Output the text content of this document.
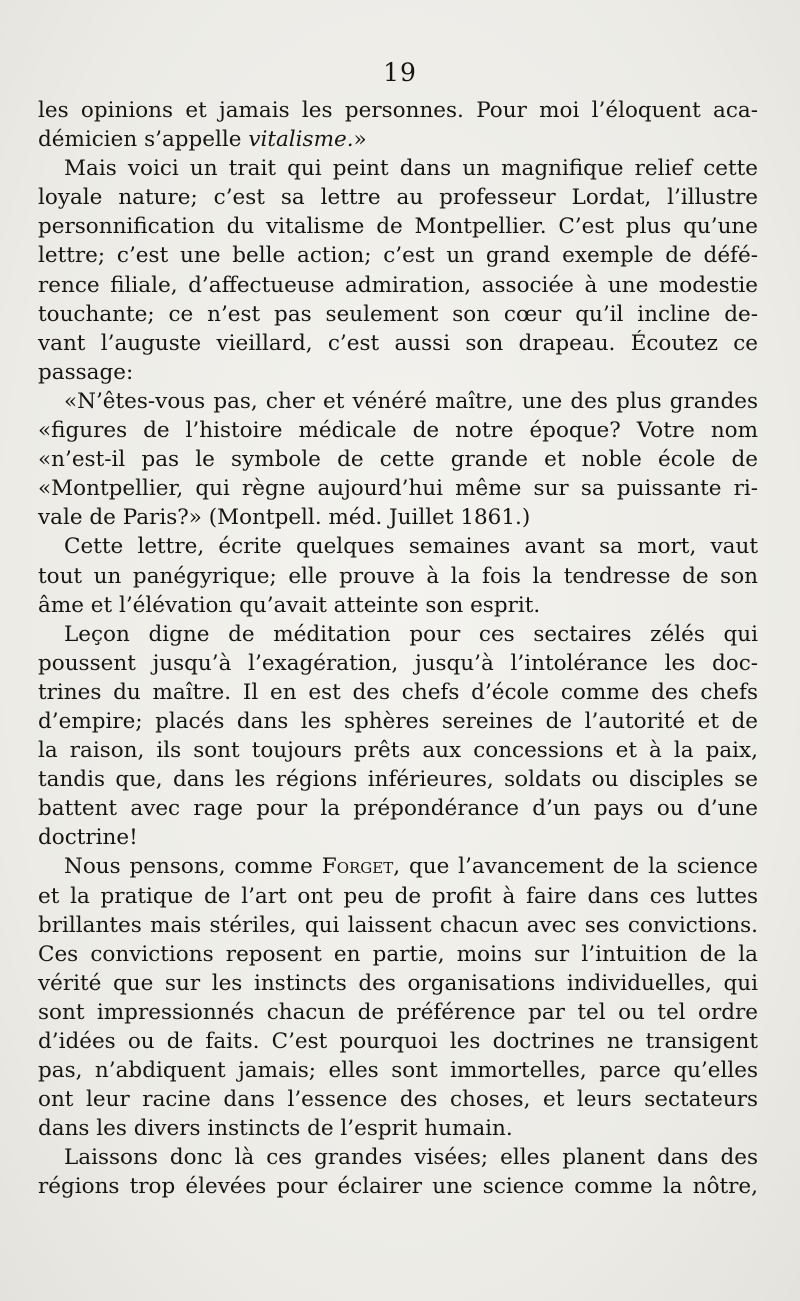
19
les opinions et jamais les personnes. Pour moi l’éloquent aca-
démicien s’appelle vitalisme.»
Mais voici un trait qui peint dans un magnifique relief cette
loyale nature; c’est sa lettre au professeur Lordat, l’illustre
personnification du vitalisme de Montpellier. C’est plus qu’une
lettre; c’est une belle action; c’est un grand exemple de défé-
rence filiale, d’affectueuse admiration, associée à une modestie
touchante; ce n’est pas seulement son cœur qu’il incline de-
vant l’auguste vieillard, c’est aussi son drapeau. Écoutez ce
passage:
«N’êtes-vous pas, cher et vénéré maître, une des plus grandes
«figures de l’histoire médicale de notre époque? Votre nom
«n’est-il pas le symbole de cette grande et noble école de
«Montpellier, qui règne aujourd’hui même sur sa puissante ri-
vale de Paris?» (Montpell. méd. Juillet 1861.)
Cette lettre, écrite quelques semaines avant sa mort, vaut
tout un panégyrique; elle prouve à la fois la tendresse de son
âme et l’élévation qu’avait atteinte son esprit.
Leçon digne de méditation pour ces sectaires zélés qui
poussent jusqu’à l’exagération, jusqu’à l’intolérance les doc-
trines du maître. Il en est des chefs d’école comme des chefs
d’empire; placés dans les sphères sereines de l’autorité et de
la raison, ils sont toujours prêts aux concessions et à la paix,
tandis que, dans les régions inférieures, soldats ou disciples se
battent avec rage pour la prépondérance d’un pays ou d’une
doctrine!
Nous pensons, comme Forget, que l’avancement de la science
et la pratique de l’art ont peu de profit à faire dans ces luttes
brillantes mais stériles, qui laissent chacun avec ses convictions.
Ces convictions reposent en partie, moins sur l’intuition de la
vérité que sur les instincts des organisations individuelles, qui
sont impressionnés chacun de préférence par tel ou tel ordre
d’idées ou de faits. C’est pourquoi les doctrines ne transigent
pas, n’abdiquent jamais; elles sont immortelles, parce qu’elles
ont leur racine dans l’essence des choses, et leurs sectateurs
dans les divers instincts de l’esprit humain.
Laissons donc là ces grandes visées; elles planent dans des
régions trop élevées pour éclairer une science comme la nôtre,
